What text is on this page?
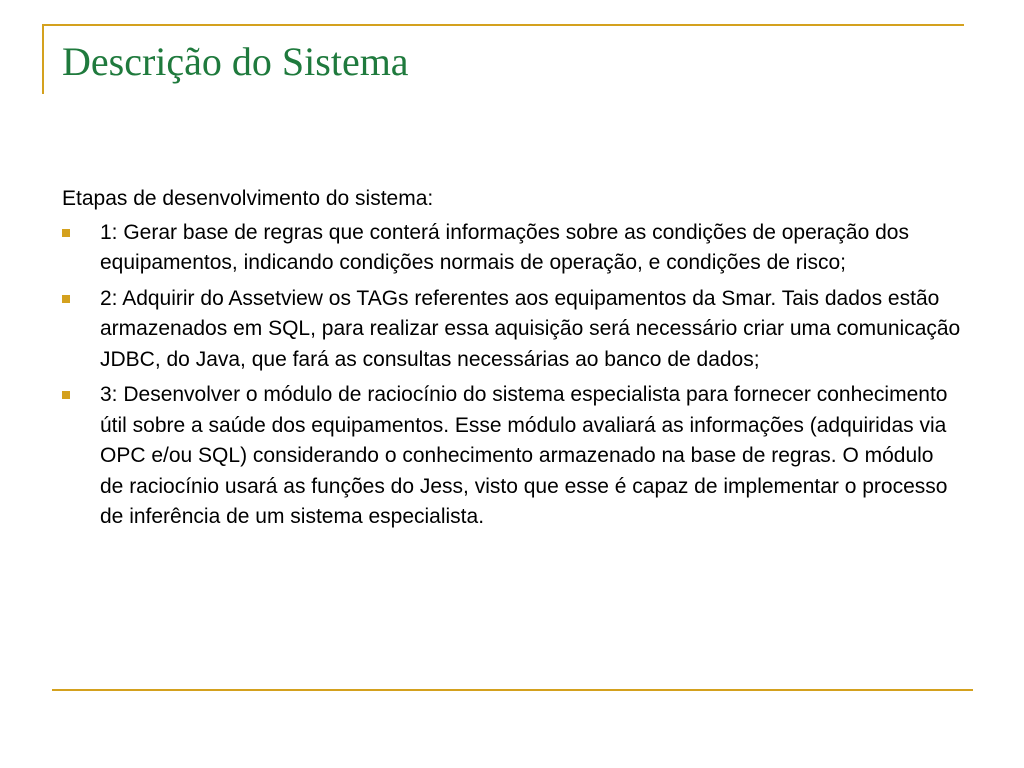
Descrição do Sistema

Etapas de desenvolvimento do sistema:

1: Gerar base de regras que conterá informações sobre as condições de operação dos equipamentos, indicando condições normais de operação, e condições de risco;
2: Adquirir do Assetview os TAGs referentes aos equipamentos da Smar. Tais dados estão armazenados em SQL, para realizar essa aquisição será necessário criar uma comunicação JDBC, do Java, que fará as consultas necessárias ao banco de dados;
3: Desenvolver o módulo de raciocínio do sistema especialista para fornecer conhecimento útil sobre a saúde dos equipamentos. Esse módulo avaliará as informações (adquiridas via OPC e/ou SQL) considerando o conhecimento armazenado na base de regras. O módulo de raciocínio usará as funções do Jess, visto que esse é capaz de implementar o processo de inferência de um sistema especialista.
